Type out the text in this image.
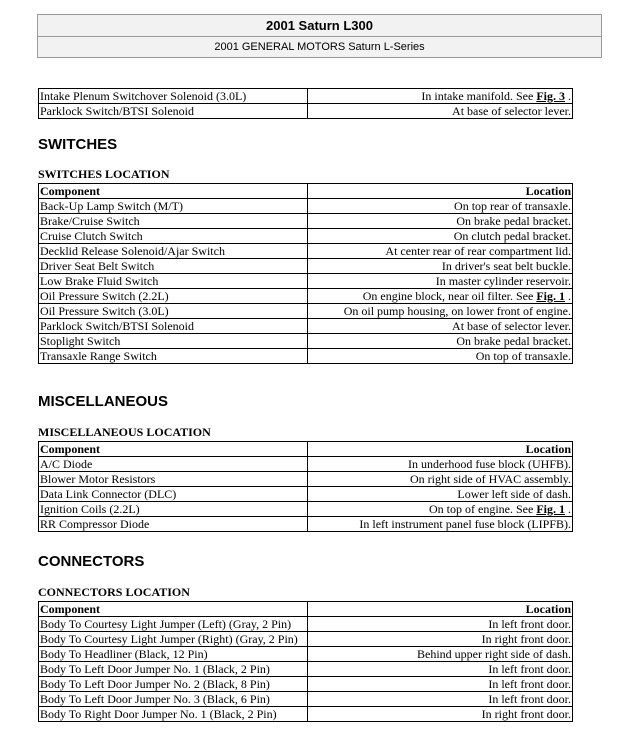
2001 Saturn L300
2001 GENERAL MOTORS Saturn L-Series
Intake Plenum Switchover Solenoid (3.0L)	In intake manifold. See Fig. 3 .
Parklock Switch/BTSI Solenoid	At base of selector lever.
SWITCHES
SWITCHES LOCATION
Component	Location
Back-Up Lamp Switch (M/T)	On top rear of transaxle.
Brake/Cruise Switch	On brake pedal bracket.
Cruise Clutch Switch	On clutch pedal bracket.
Decklid Release Solenoid/Ajar Switch	At center rear of rear compartment lid.
Driver Seat Belt Switch	In driver's seat belt buckle.
Low Brake Fluid Switch	In master cylinder reservoir.
Oil Pressure Switch (2.2L)	On engine block, near oil filter. See Fig. 1 .
Oil Pressure Switch (3.0L)	On oil pump housing, on lower front of engine.
Parklock Switch/BTSI Solenoid	At base of selector lever.
Stoplight Switch	On brake pedal bracket.
Transaxle Range Switch	On top of transaxle.
MISCELLANEOUS
MISCELLANEOUS LOCATION
Component	Location
A/C Diode	In underhood fuse block (UHFB).
Blower Motor Resistors	On right side of HVAC assembly.
Data Link Connector (DLC)	Lower left side of dash.
Ignition Coils (2.2L)	On top of engine. See Fig. 1 .
RR Compressor Diode	In left instrument panel fuse block (LIPFB).
CONNECTORS
CONNECTORS LOCATION
Component	Location
Body To Courtesy Light Jumper (Left) (Gray, 2 Pin)	In left front door.
Body To Courtesy Light Jumper (Right) (Gray, 2 Pin)	In right front door.
Body To Headliner (Black, 12 Pin)	Behind upper right side of dash.
Body To Left Door Jumper No. 1 (Black, 2 Pin)	In left front door.
Body To Left Door Jumper No. 2 (Black, 8 Pin)	In left front door.
Body To Left Door Jumper No. 3 (Black, 6 Pin)	In left front door.
Body To Right Door Jumper No. 1 (Black, 2 Pin)	In right front door.
